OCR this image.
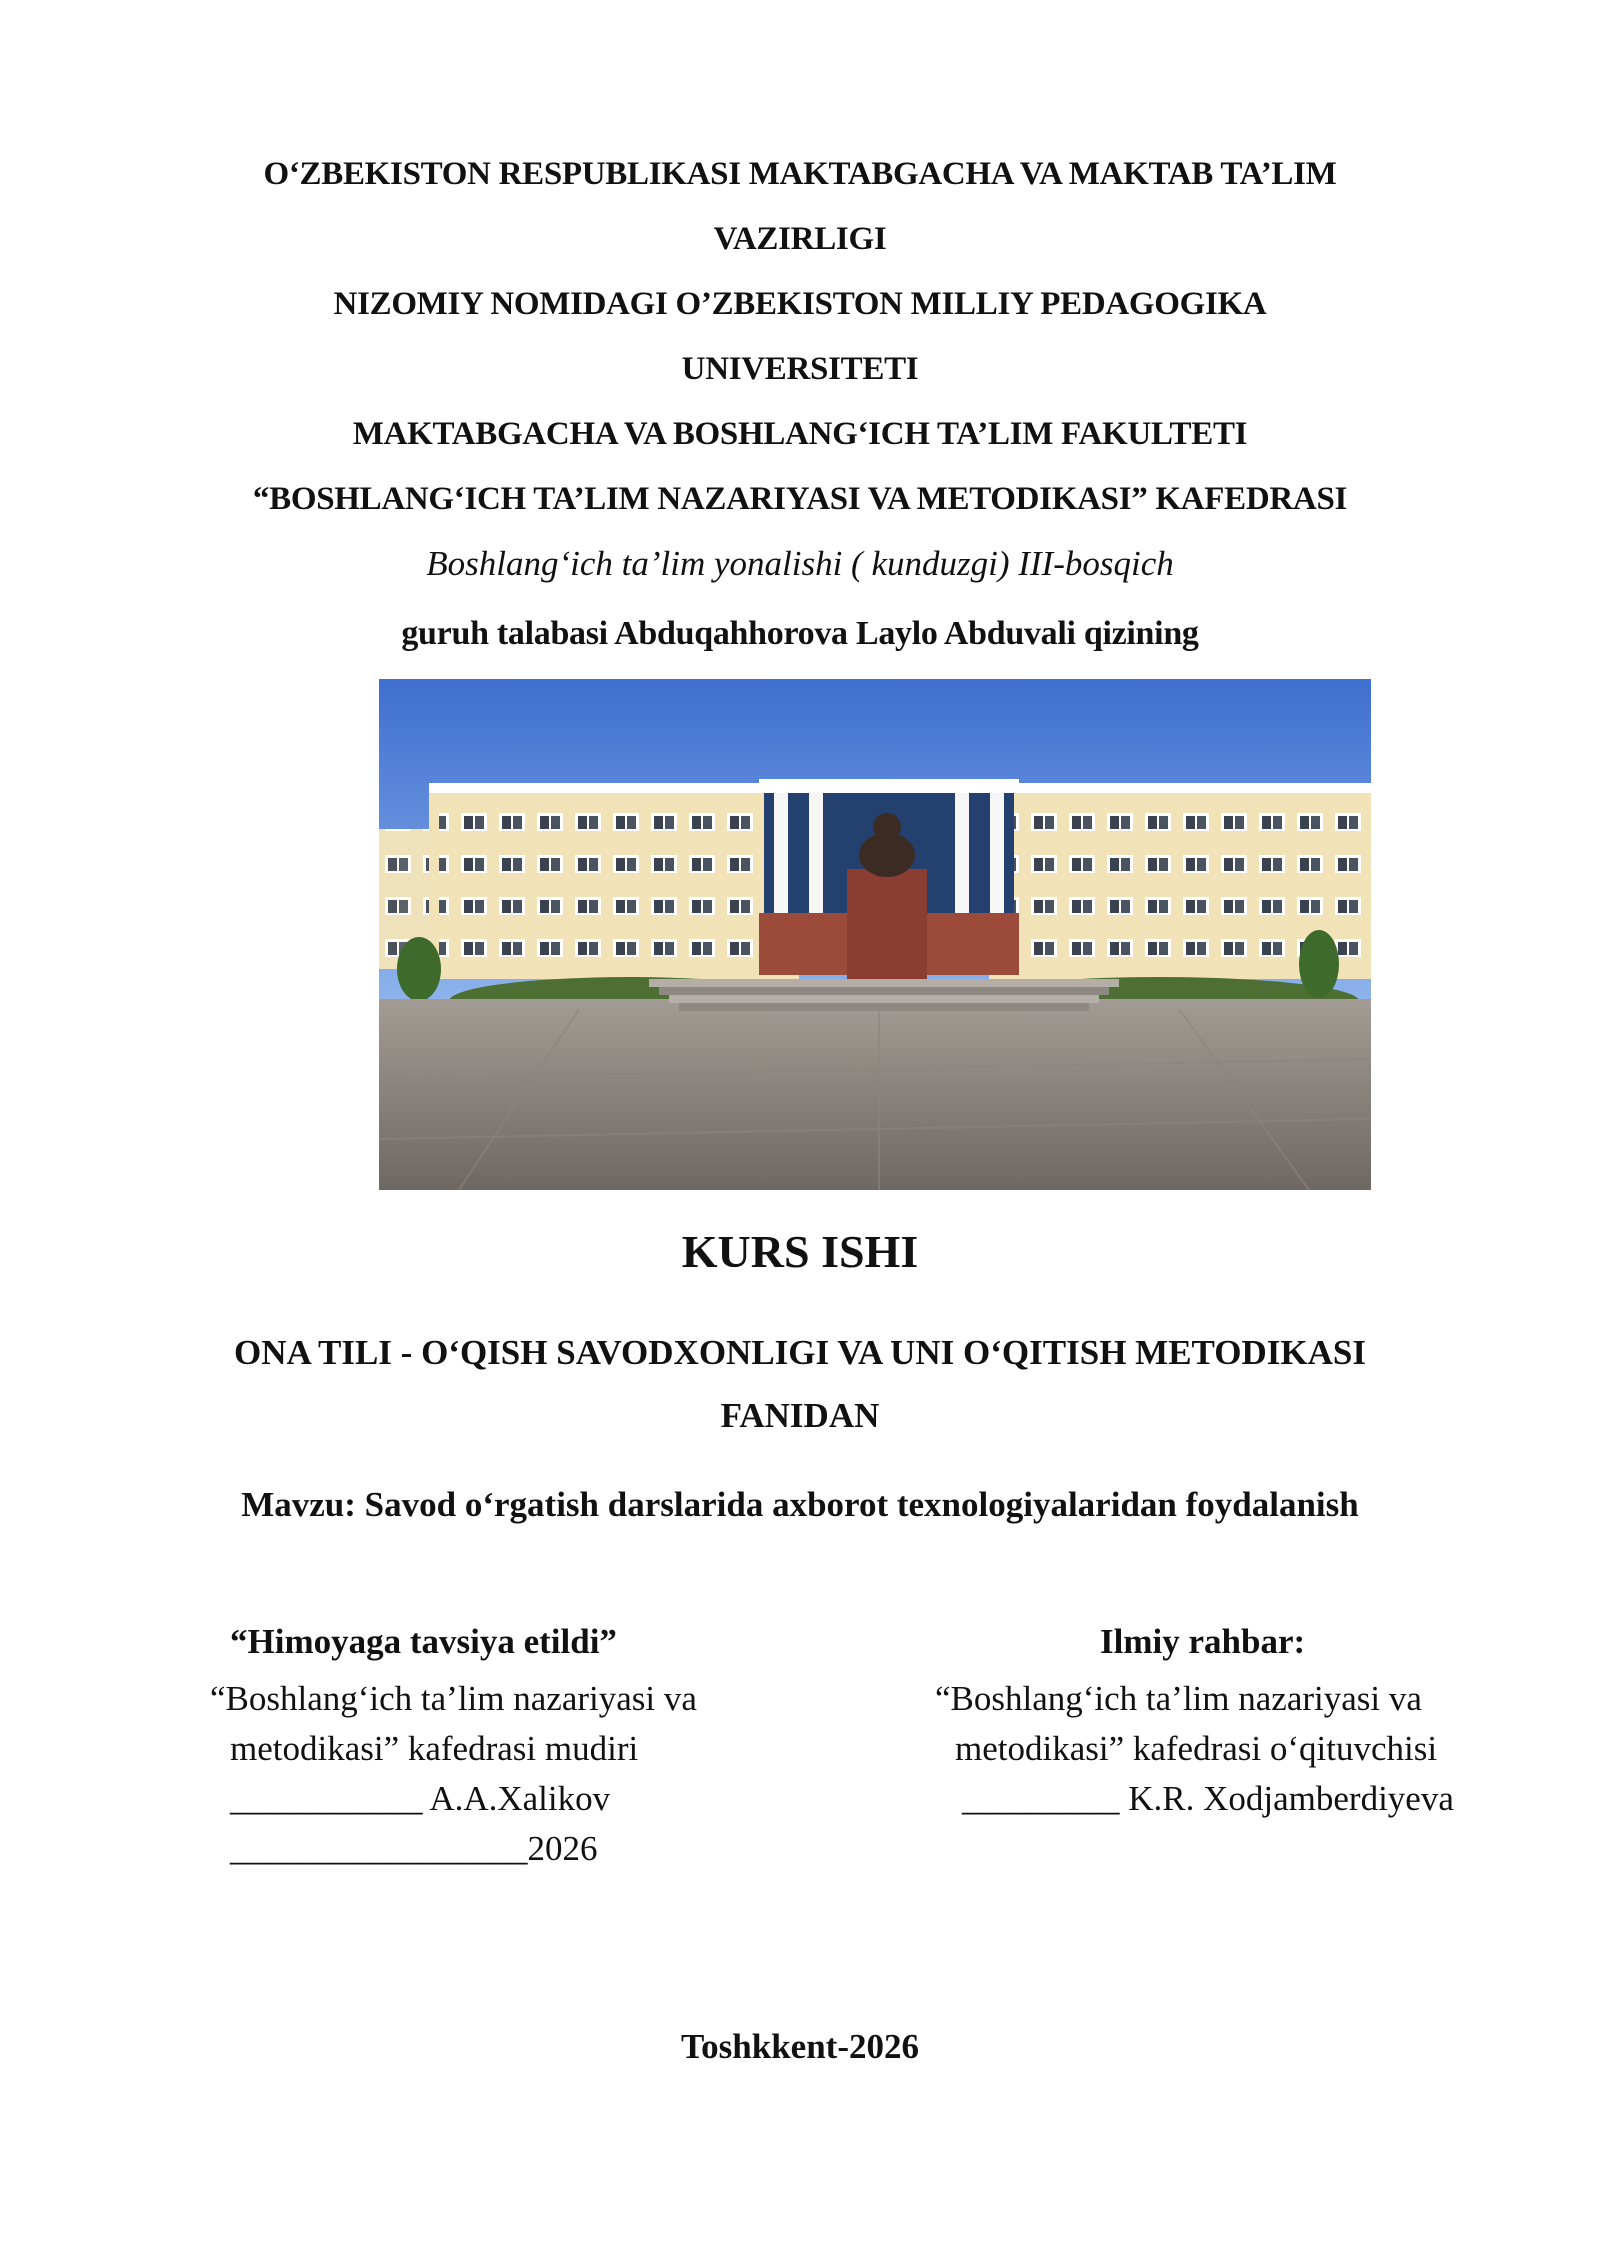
O‘ZBEKISTON RESPUBLIKASI MAKTABGACHA VA MAKTAB TA’LIM
VAZIRLIGI
NIZOMIY NOMIDAGI O’ZBEKISTON MILLIY PEDAGOGIKA
UNIVERSITETI
MAKTABGACHA VA BOSHLANG‘ICH TA’LIM FAKULTETI
“BOSHLANG‘ICH TA’LIM NAZARIYASI VA METODIKASI” KAFEDRASI
Boshlang‘ich ta’lim yonalishi ( kunduzgi) III-bosqich
guruh talabasi Abduqahhorova Laylo Abduvali qizining
KURS ISHI
ONA TILI - O‘QISH SAVODXONLIGI VA UNI O‘QITISH METODIKASI
FANIDAN
Mavzu: Savod o‘rgatish darslarida axborot texnologiyalaridan foydalanish
“Himoyaga tavsiya etildi”
“Boshlang‘ich ta’lim nazariyasi va
metodikasi” kafedrasi mudiri
___________ A.A.Xalikov
_________________2026
Ilmiy rahbar:
“Boshlang‘ich ta’lim nazariyasi va
metodikasi” kafedrasi o‘qituvchisi
_________ K.R. Xodjamberdiyeva
Toshkkent-2026
